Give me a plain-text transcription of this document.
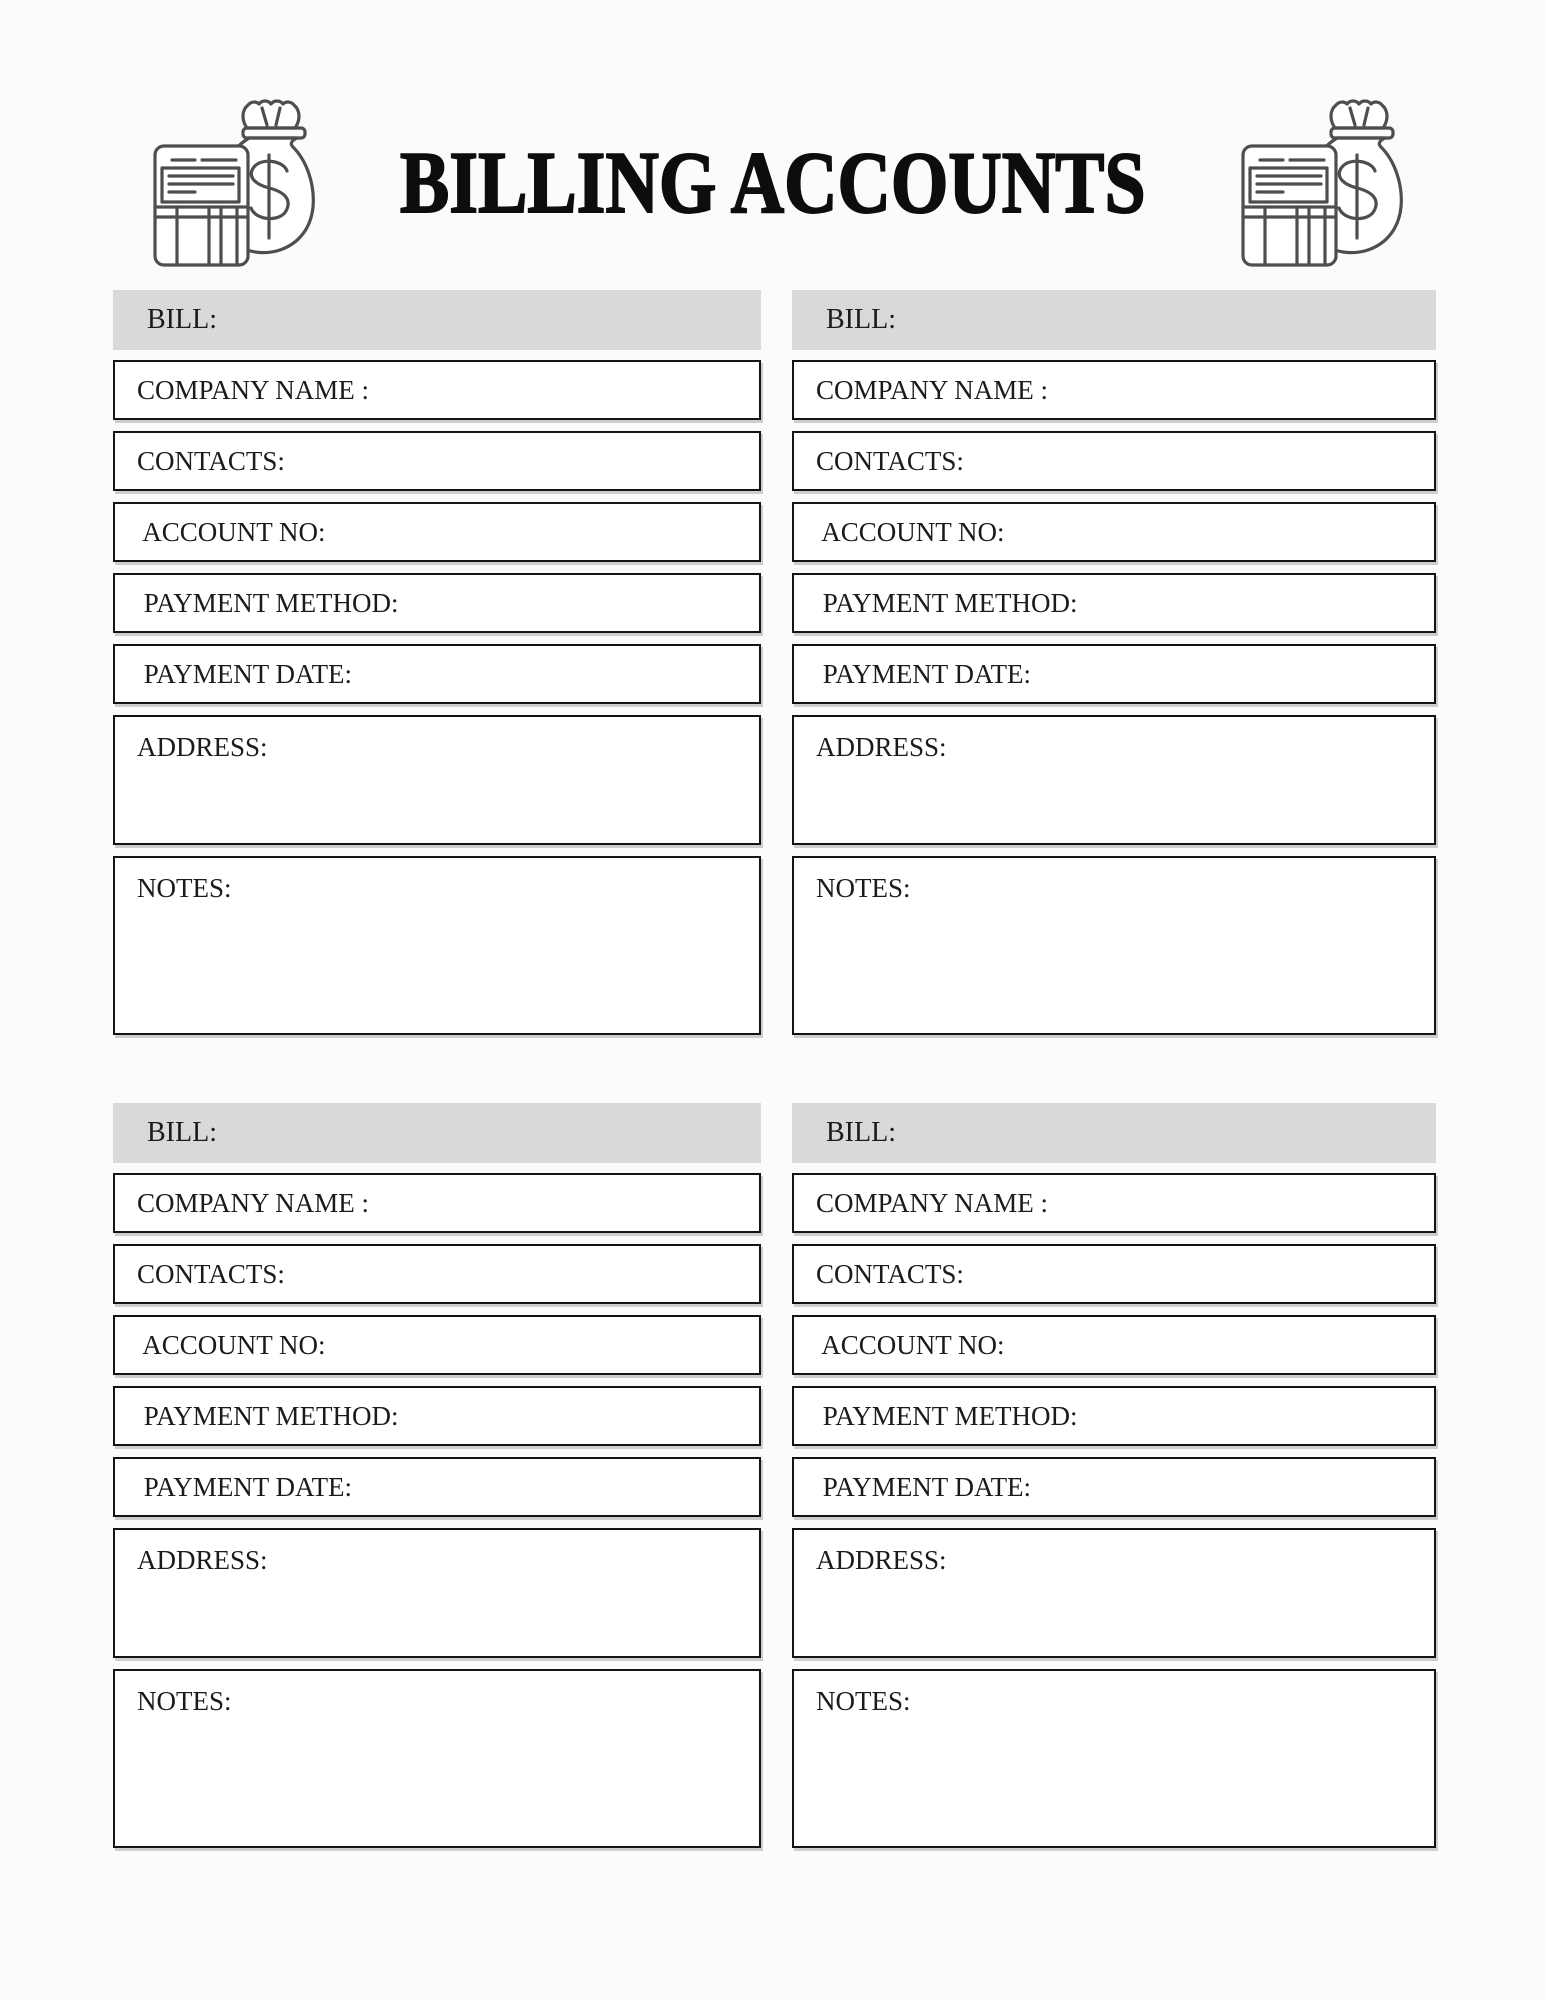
BILLING ACCOUNTS
BILL:
COMPANY NAME :
CONTACTS:
ACCOUNT NO:
PAYMENT METHOD:
PAYMENT DATE:
ADDRESS:
NOTES:
BILL:
COMPANY NAME :
CONTACTS:
ACCOUNT NO:
PAYMENT METHOD:
PAYMENT DATE:
ADDRESS:
NOTES:
BILL:
COMPANY NAME :
CONTACTS:
ACCOUNT NO:
PAYMENT METHOD:
PAYMENT DATE:
ADDRESS:
NOTES:
BILL:
COMPANY NAME :
CONTACTS:
ACCOUNT NO:
PAYMENT METHOD:
PAYMENT DATE:
ADDRESS:
NOTES:
